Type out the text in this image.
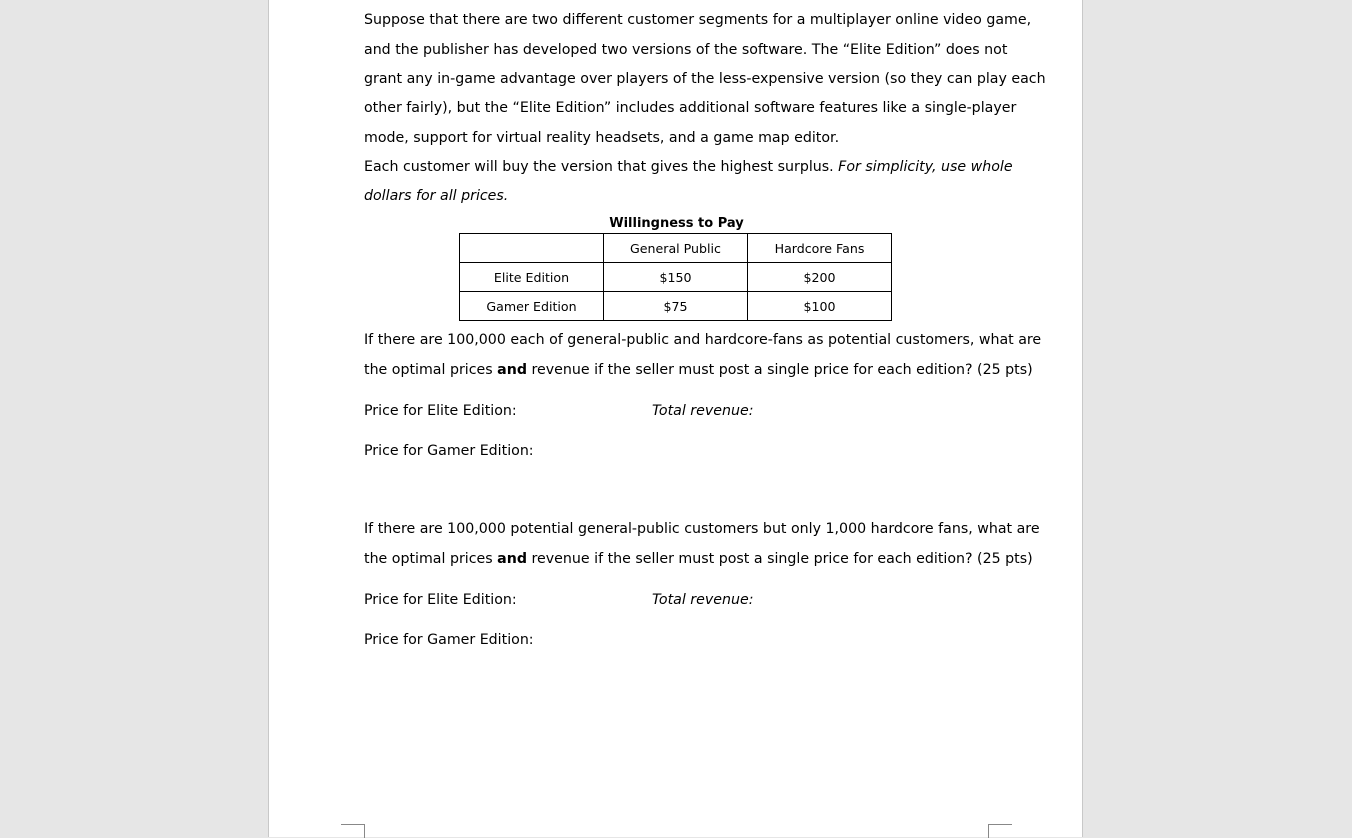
Suppose that there are two different customer segments for a multiplayer online video game,
and the publisher has developed two versions of the software. The “Elite Edition” does not
grant any in-game advantage over players of the less-expensive version (so they can play each
other fairly), but the “Elite Edition” includes additional software features like a single-player
mode, support for virtual reality headsets, and a game map editor.
Each customer will buy the version that gives the highest surplus. For simplicity, use whole
dollars for all prices.
Willingness to Pay
If there are 100,000 each of general-public and hardcore-fans as potential customers, what are
the optimal prices and revenue if the seller must post a single price for each edition? (25 pts)
Price for Elite Edition:	Total revenue:
Price for Gamer Edition:
If there are 100,000 potential general-public customers but only 1,000 hardcore fans, what are
the optimal prices and revenue if the seller must post a single price for each edition? (25 pts)
Price for Elite Edition:	Total revenue:
Price for Gamer Edition:
	General Public	Hardcore Fans
Elite Edition	$150	$200
Gamer Edition	$75	$100
